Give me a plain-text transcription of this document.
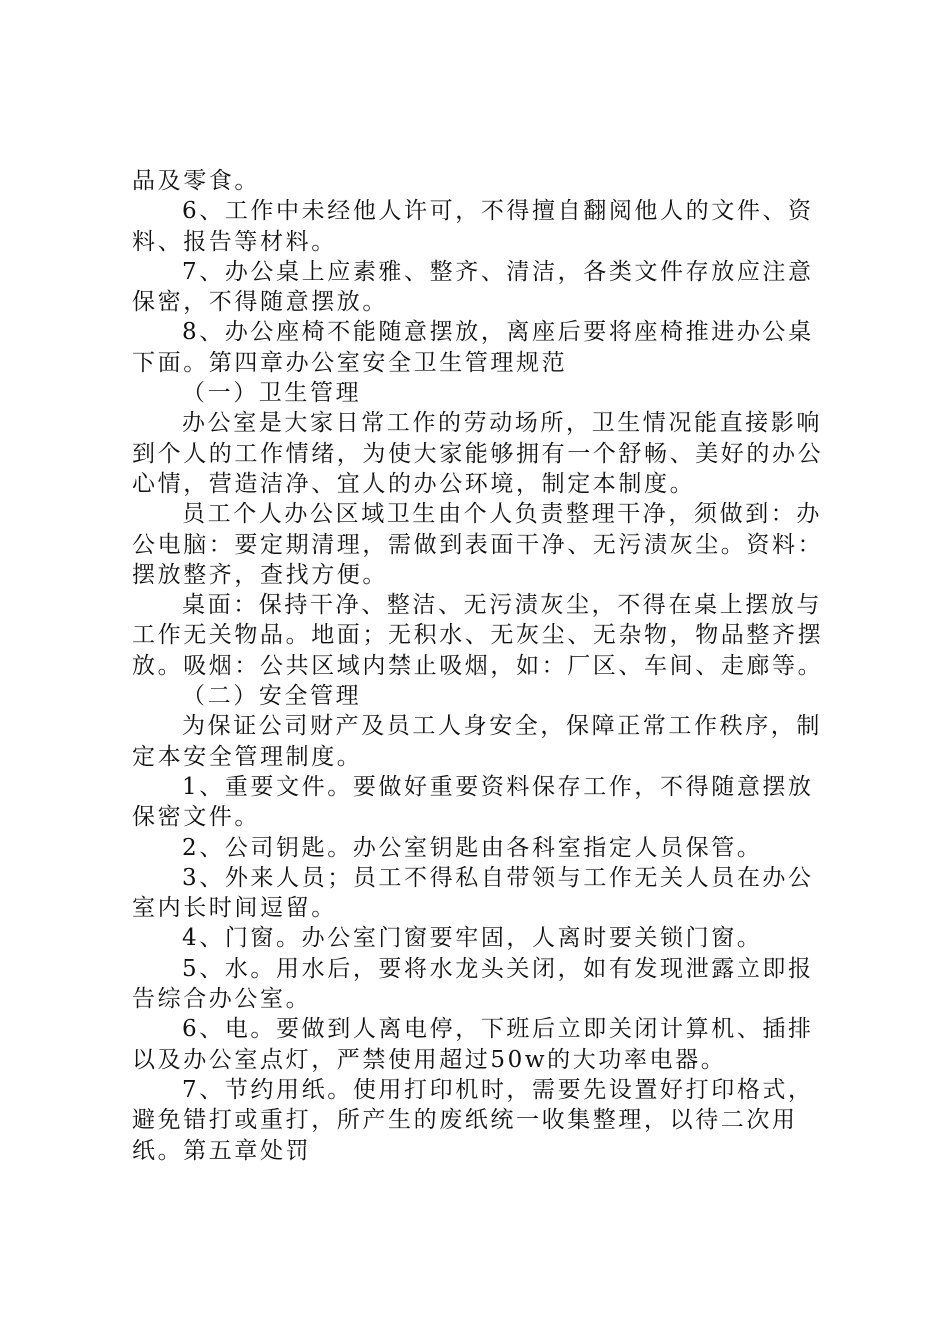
品及零食。

6、工作中未经他人许可，不得擅自翻阅他人的文件、资料、报告等材料。

7、办公桌上应素雅、整齐、清洁，各类文件存放应注意保密，不得随意摆放。

8、办公座椅不能随意摆放，离座后要将座椅推进办公桌下面。第四章办公室安全卫生管理规范

（一）卫生管理

办公室是大家日常工作的劳动场所，卫生情况能直接影响到个人的工作情绪，为使大家能够拥有一个舒畅、美好的办公心情，营造洁净、宜人的办公环境，制定本制度。

员工个人办公区域卫生由个人负责整理干净，须做到：办公电脑：要定期清理，需做到表面干净、无污渍灰尘。资料：摆放整齐，查找方便。

桌面：保持干净、整洁、无污渍灰尘，不得在桌上摆放与工作无关物品。地面；无积水、无灰尘、无杂物，物品整齐摆放。吸烟：公共区域内禁止吸烟，如：厂区、车间、走廊等。

（二）安全管理

为保证公司财产及员工人身安全，保障正常工作秩序，制定本安全管理制度。

1、重要文件。要做好重要资料保存工作，不得随意摆放保密文件。

2、公司钥匙。办公室钥匙由各科室指定人员保管。

3、外来人员；员工不得私自带领与工作无关人员在办公室内长时间逗留。

4、门窗。办公室门窗要牢固，人离时要关锁门窗。

5、水。用水后，要将水龙头关闭，如有发现泄露立即报告综合办公室。

6、电。要做到人离电停，下班后立即关闭计算机、插排以及办公室点灯，严禁使用超过50w的大功率电器。

7、节约用纸。使用打印机时，需要先设置好打印格式，避免错打或重打，所产生的废纸统一收集整理，以待二次用纸。第五章处罚
